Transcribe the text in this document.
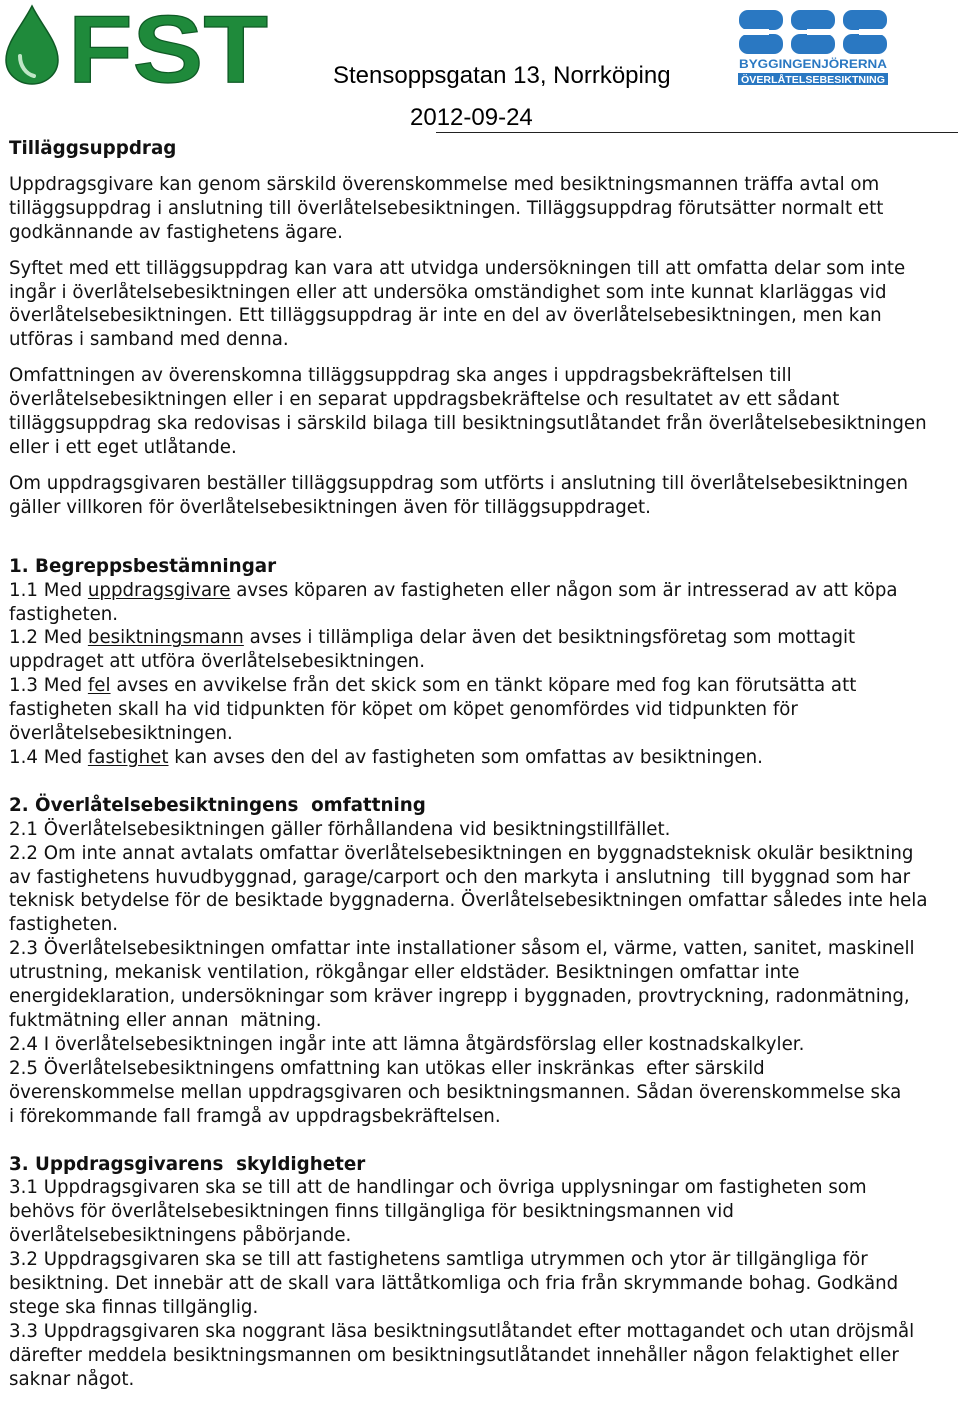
FST	Stensoppsgatan 13, Norrköping
2012-09-24
BYGGINGENJÖRERNA
ÖVERLÅTELSEBESIKTNING

Tilläggsuppdrag

Uppdragsgivare kan genom särskild överenskommelse med besiktningsmannen träffa avtal om
tilläggsuppdrag i anslutning till överlåtelsebesiktningen. Tilläggsuppdrag förutsätter normalt ett
godkännande av fastighetens ägare.

Syftet med ett tilläggsuppdrag kan vara att utvidga undersökningen till att omfatta delar som inte
ingår i överlåtelsebesiktningen eller att undersöka omständighet som inte kunnat klarläggas vid
överlåtelsebesiktningen. Ett tilläggsuppdrag är inte en del av överlåtelsebesiktningen, men kan
utföras i samband med denna.

Omfattningen av överenskomna tilläggsuppdrag ska anges i uppdragsbekräftelsen till
överlåtelsebesiktningen eller i en separat uppdragsbekräftelse och resultatet av ett sådant
tilläggsuppdrag ska redovisas i särskild bilaga till besiktningsutlåtandet från överlåtelsebesiktningen
eller i ett eget utlåtande.

Om uppdragsgivaren beställer tilläggsuppdrag som utförts i anslutning till överlåtelsebesiktningen
gäller villkoren för överlåtelsebesiktningen även för tilläggsuppdraget.

1. Begreppsbestämningar

1.1 Med uppdragsgivare avses köparen av fastigheten eller någon som är intresserad av att köpa
fastigheten.
1.2 Med besiktningsmann avses i tillämpliga delar även det besiktningsföretag som mottagit
uppdraget att utföra överlåtelsebesiktningen.
1.3 Med fel avses en avvikelse från det skick som en tänkt köpare med fog kan förutsätta att
fastigheten skall ha vid tidpunkten för köpet om köpet genomfördes vid tidpunkten för
överlåtelsebesiktningen.
1.4 Med fastighet kan avses den del av fastigheten som omfattas av besiktningen.

2. Överlåtelsebesiktningens  omfattning

2.1 Överlåtelsebesiktningen gäller förhållandena vid besiktningstillfället.
2.2 Om inte annat avtalats omfattar överlåtelsebesiktningen en byggnadsteknisk okulär besiktning
av fastighetens huvudbyggnad, garage/carport och den markyta i anslutning  till byggnad som har
teknisk betydelse för de besiktade byggnaderna. Överlåtelsebesiktningen omfattar således inte hela
fastigheten.
2.3 Överlåtelsebesiktningen omfattar inte installationer såsom el, värme, vatten, sanitet, maskinell
utrustning, mekanisk ventilation, rökgångar eller eldstäder. Besiktningen omfattar inte
energideklaration, undersökningar som kräver ingrepp i byggnaden, provtryckning, radonmätning,
fuktmätning eller annan  mätning.
2.4 I överlåtelsebesiktningen ingår inte att lämna åtgärdsförslag eller kostnadskalkyler.
2.5 Överlåtelsebesiktningens omfattning kan utökas eller inskränkas  efter särskild
överenskommelse mellan uppdragsgivaren och besiktningsmannen. Sådan överenskommelse ska
i förekommande fall framgå av uppdragsbekräftelsen.

3. Uppdragsgivarens  skyldigheter

3.1 Uppdragsgivaren ska se till att de handlingar och övriga upplysningar om fastigheten som
behövs för överlåtelsebesiktningen finns tillgängliga för besiktningsmannen vid
överlåtelsebesiktningens påbörjande.
3.2 Uppdragsgivaren ska se till att fastighetens samtliga utrymmen och ytor är tillgängliga för
besiktning. Det innebär att de skall vara lättåtkomliga och fria från skrymmande bohag. Godkänd
stege ska finnas tillgänglig.
3.3 Uppdragsgivaren ska noggrant läsa besiktningsutlåtandet efter mottagandet och utan dröjsmål
därefter meddela besiktningsmannen om besiktningsutlåtandet innehåller någon felaktighet eller
saknar något.
